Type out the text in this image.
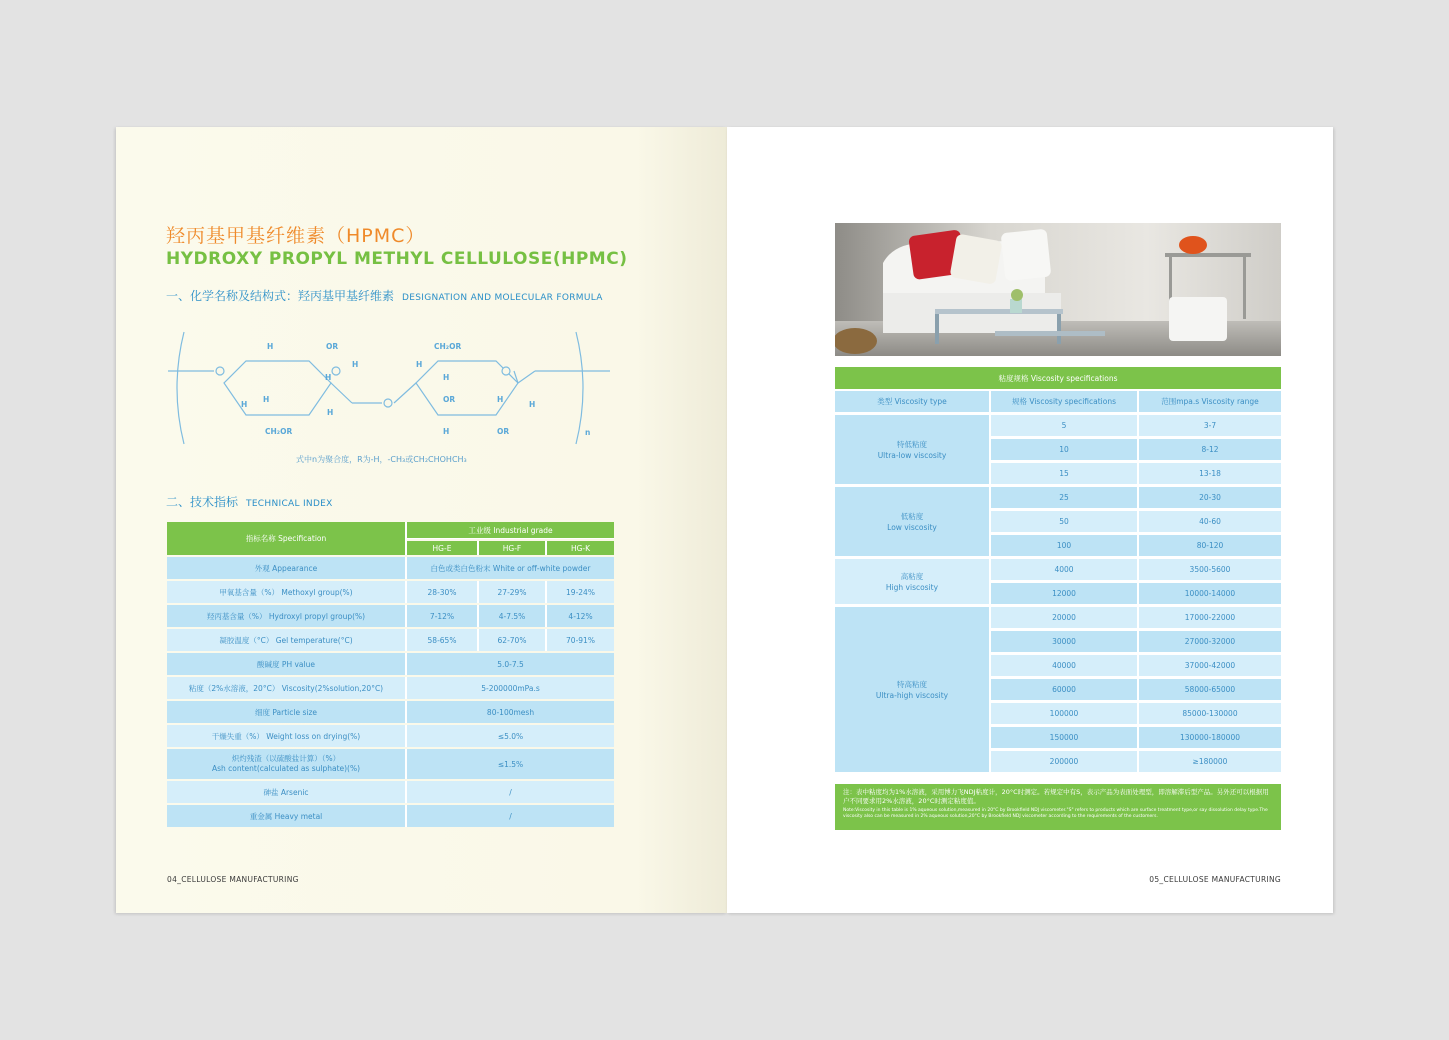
羟丙基甲基纤维素（HPMC）
HYDROXY PROPYL METHYL CELLULOSE(HPMC)
一、化学名称及结构式：羟丙基甲基纤维素 DESIGNATION AND MOLECULAR FORMULA
H	OR
H
H
H
H
H
CH₂OR
CH₂OR
H
H
OR	H
H
H	OR	n
式中n为聚合度，R为-H，-CH₃或CH₂CHOHCH₃
二、技术指标 TECHNICAL INDEX
指标名称 Specification	工业级 Industrial grade		
	HG-E	HG-F	HG-K
外观 Appearance	白色或类白色粉末 White or off-white powder		
甲氧基含量（%） Methoxyl group(%)	28-30%	27-29%	19-24%
羟丙基含量（%） Hydroxyl propyl group(%)	7-12%	4-7.5%	4-12%
凝胶温度（°C） Gel temperature(°C)	58-65%	62-70%	70-91%
酸碱度 PH value	5.0-7.5		
粘度（2%水溶液，20°C） Viscosity(2%solution,20°C)	5-200000mPa.s		
细度 Particle size	80-100mesh		
干燥失重（%） Weight loss on drying(%)	≤5.0%		
炽灼残渣（以硫酸盐计算）（%）
Ash content(calculated as sulphate)(%)	≤1.5%		
砷盐 Arsenic	/		
重金属 Heavy metal	/		
04_CELLULOSE MANUFACTURING
粘度规格 Viscosity specifications		
类型 Viscosity type	规格 Viscosity specifications	范围mpa.s Viscosity range
特低粘度
Ultra-low viscosity	5	3-7
	10	8-12
	15	13-18
低粘度
Low viscosity	25	20-30
	50	40-60
	100	80-120
高粘度
High viscosity	4000	3500-5600
	12000	10000-14000
特高粘度
Ultra-high viscosity	20000	17000-22000
	30000	27000-32000
	40000	37000-42000
	60000	58000-65000
	100000	85000-130000
	150000	130000-180000
	200000	≥180000
注：表中粘度均为1%水溶液，采用博力飞NDJ粘度计，20°C时测定。若规定中有S，表示产品为表面处理型，即溶解滞后型产品。另外还可以根据用户不同要求用2%水溶液，20°C时测定粘度值。
Note:Viscosity in this table is 1% aqueous solution,measured in 20°C by Brookfield NDJ viscometer."S" refers to products which are surface treatment type,or say dissolution delay type.The viscosity also can be measured in 2% aqueous solution,20°C by Brookfield NDJ viscometer according to the requirements of the customers.
05_CELLULOSE MANUFACTURING
